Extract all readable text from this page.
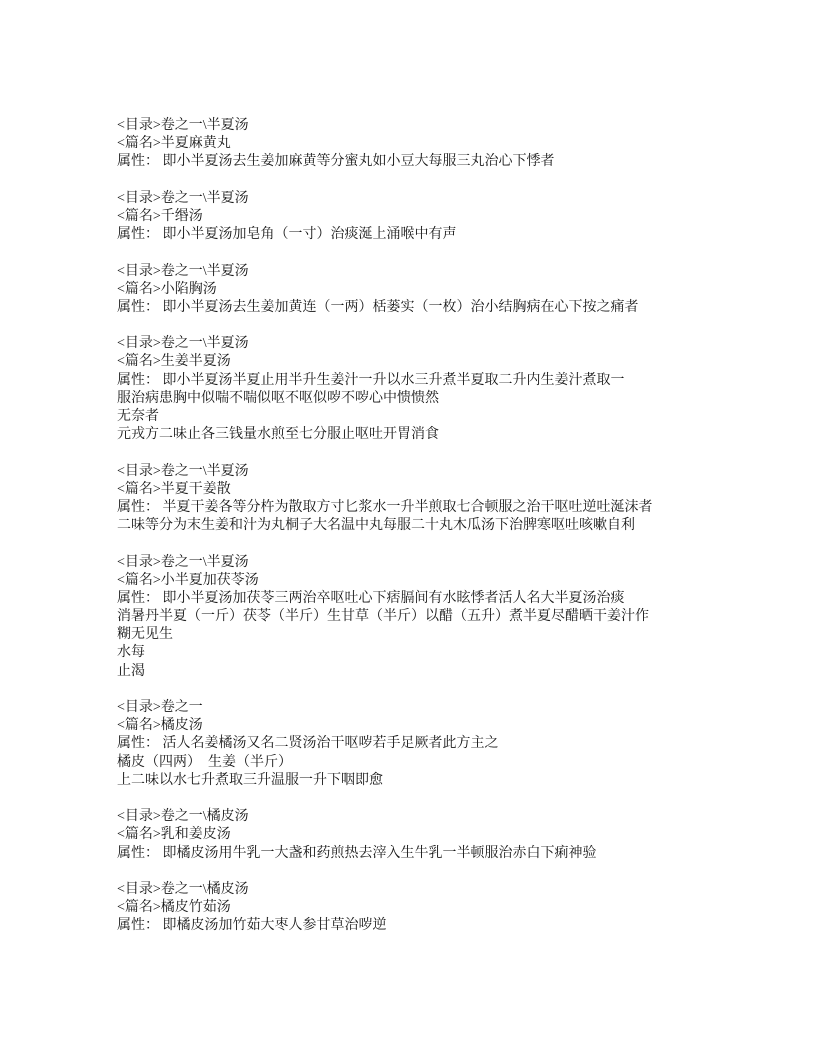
<目录>卷之一\半夏汤
<篇名>半夏麻黄丸
属性： 即小半夏汤去生姜加麻黄等分蜜丸如小豆大每服三丸治心下悸者
<目录>卷之一\半夏汤
<篇名>千缗汤
属性： 即小半夏汤加皂角（一寸）治痰涎上涌喉中有声
<目录>卷之一\半夏汤
<篇名>小陷胸汤
属性： 即小半夏汤去生姜加黄连（一两）栝蒌实（一枚）治小结胸病在心下按之痛者
<目录>卷之一\半夏汤
<篇名>生姜半夏汤
属性： 即小半夏汤半夏止用半升生姜汁一升以水三升煮半夏取二升内生姜汁煮取一
服治病患胸中似喘不喘似呕不呕似哕不哕心中愦愦然
无奈者
元戎方二味止各三钱量水煎至七分服止呕吐开胃消食
<目录>卷之一\半夏汤
<篇名>半夏干姜散
属性： 半夏干姜各等分杵为散取方寸匕浆水一升半煎取七合顿服之治干呕吐逆吐涎沫者
二味等分为末生姜和汁为丸桐子大名温中丸每服二十丸木瓜汤下治脾寒呕吐咳嗽自利
<目录>卷之一\半夏汤
<篇名>小半夏加茯苓汤
属性： 即小半夏汤加茯苓三两治卒呕吐心下痞膈间有水眩悸者活人名大半夏汤治痰
消暑丹半夏（一斤）茯苓（半斤）生甘草（半斤）以醋（五升）煮半夏尽醋晒干姜汁作
糊无见生
水每
止渴
<目录>卷之一
<篇名>橘皮汤
属性： 活人名姜橘汤又名二贤汤治干呕哕若手足厥者此方主之
橘皮（四两）　生姜（半斤）
上二味以水七升煮取三升温服一升下咽即愈
<目录>卷之一\橘皮汤
<篇名>乳和姜皮汤
属性： 即橘皮汤用牛乳一大盏和药煎热去滓入生牛乳一半顿服治赤白下痢神验
<目录>卷之一\橘皮汤
<篇名>橘皮竹茹汤
属性： 即橘皮汤加竹茹大枣人参甘草治哕逆
